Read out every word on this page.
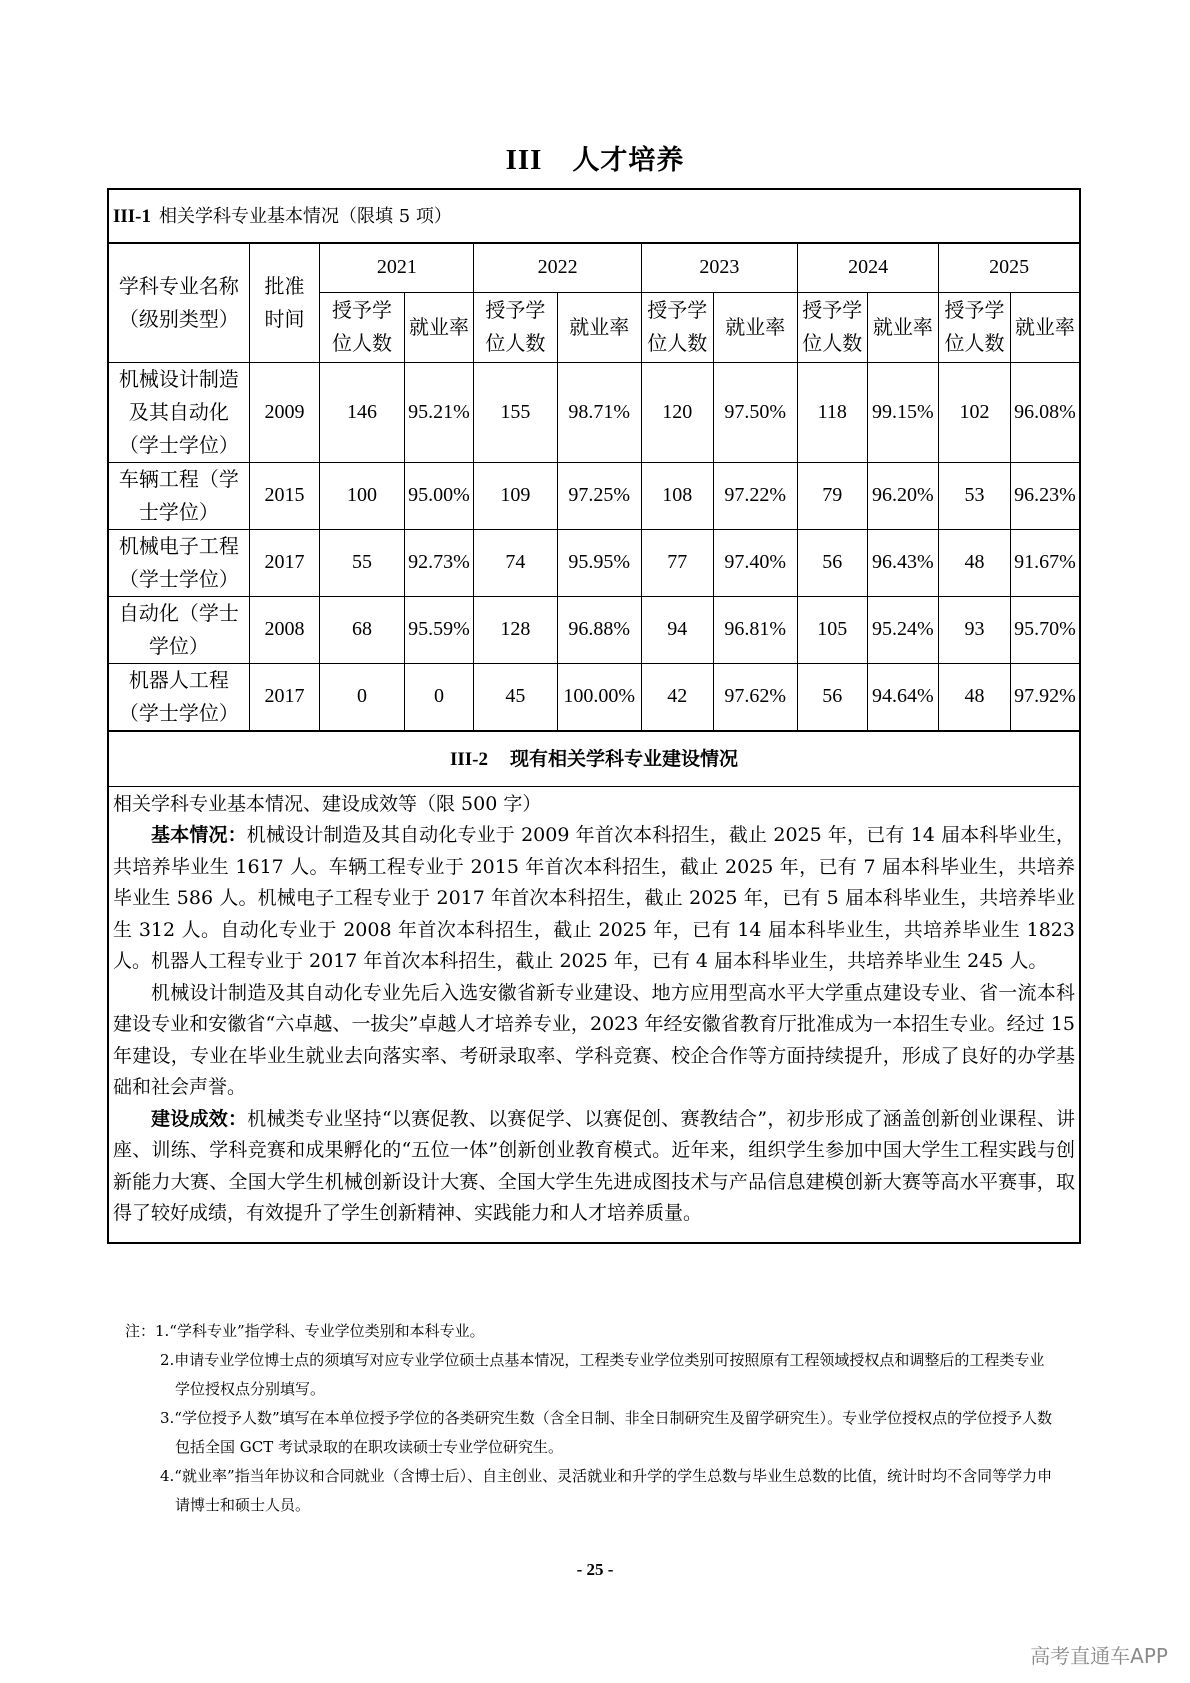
III 人才培养
III-1 相关学科专业基本情况（限填 5 项）
学科专业名称（级别类型）	批准时间	2021		2022		2023		2024		2025	
		授予学位人数	就业率	授予学位人数	就业率	授予学位人数	就业率	授予学位人数	就业率	授予学位人数	就业率
机械设计制造及其自动化（学士学位）	2009	146	95.21%	155	98.71%	120	97.50%	118	99.15%	102	96.08%
车辆工程（学士学位）	2015	100	95.00%	109	97.25%	108	97.22%	79	96.20%	53	96.23%
机械电子工程（学士学位）	2017	55	92.73%	74	95.95%	77	97.40%	56	96.43%	48	91.67%
自动化（学士学位）	2008	68	95.59%	128	96.88%	94	96.81%	105	95.24%	93	95.70%
机器人工程（学士学位）	2017	0	0	45	100.00%	42	97.62%	56	94.64%	48	97.92%
III-2 现有相关学科专业建设情况

相关学科专业基本情况、建设成效等（限 500 字）

基本情况：机械设计制造及其自动化专业于 2009 年首次本科招生，截止 2025 年，已有 14 届本科毕业生，共培养毕业生 1617 人。车辆工程专业于 2015 年首次本科招生，截止 2025 年，已有 7 届本科毕业生，共培养毕业生 586 人。机械电子工程专业于 2017 年首次本科招生，截止 2025 年，已有 5 届本科毕业生，共培养毕业生 312 人。自动化专业于 2008 年首次本科招生，截止 2025 年，已有 14 届本科毕业生，共培养毕业生 1823 人。机器人工程专业于 2017 年首次本科招生，截止 2025 年，已有 4 届本科毕业生，共培养毕业生 245 人。

机械设计制造及其自动化专业先后入选安徽省新专业建设、地方应用型高水平大学重点建设专业、省一流本科建设专业和安徽省“六卓越、一拔尖”卓越人才培养专业，2023 年经安徽省教育厅批准成为一本招生专业。经过 15 年建设，专业在毕业生就业去向落实率、考研录取率、学科竞赛、校企合作等方面持续提升，形成了良好的办学基础和社会声誉。

建设成效：机械类专业坚持“以赛促教、以赛促学、以赛促创、赛教结合”，初步形成了涵盖创新创业课程、讲座、训练、学科竞赛和成果孵化的“五位一体”创新创业教育模式。近年来，组织学生参加中国大学生工程实践与创新能力大赛、全国大学生机械创新设计大赛、全国大学生先进成图技术与产品信息建模创新大赛等高水平赛事，取得了较好成绩，有效提升了学生创新精神、实践能力和人才培养质量。

注：1.“学科专业”指学科、专业学位类别和本科专业。

2.申请专业学位博士点的须填写对应专业学位硕士点基本情况，工程类专业学位类别可按照原有工程领域授权点和调整后的工程类专业学位授权点分别填写。

3.“学位授予人数”填写在本单位授予学位的各类研究生数（含全日制、非全日制研究生及留学研究生）。专业学位授权点的学位授予人数包括全国 GCT 考试录取的在职攻读硕士专业学位研究生。

4.“就业率”指当年协议和合同就业（含博士后）、自主创业、灵活就业和升学的学生总数与毕业生总数的比值，统计时均不含同等学力申请博士和硕士人员。

- 25 -
高考直通车APP
